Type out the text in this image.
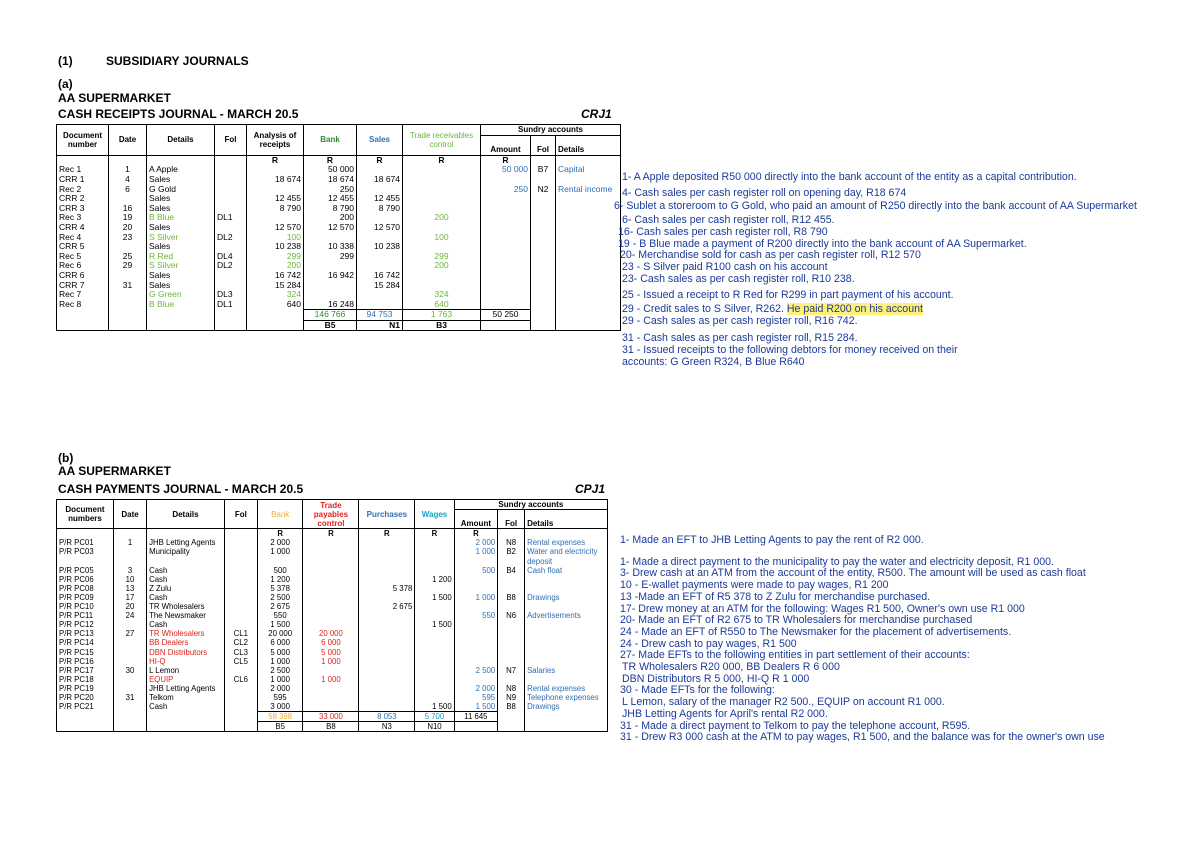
(1)	SUBSIDIARY JOURNALS
(a)
AA SUPERMARKET
CASH RECEIPTS JOURNAL - MARCH 20.5	CRJ1
Document number	Date	Details	Fol	Analysis of receipts	Bank	Sales	Trade receivables control	Sundry accounts		

								Amount	Fol	Details
				R	R	R	R	R		
Rec 1	1	A Apple			50 000			50 000	B7	Capital
CRR 1	4	Sales		18 674	18 674	18 674				
Rec 2	6	G Gold			250			250	N2	Rental income
CRR 2		Sales		12 455	12 455	12 455				
CRR 3	16	Sales		8 790	8 790	8 790				
Rec 3	19	B Blue	DL1		200		200			
CRR 4	20	Sales		12 570	12 570	12 570				
Rec 4	23	S Silver	DL2	100			100			
CRR 5		Sales		10 238	10 338	10 238				
Rec 5	25	R Red	DL4	299	299		299			
Rec 6	29	S Silver	DL2	200			200			
CRR 6		Sales		16 742	16 942	16 742				
CRR 7	31	Sales		15 284		15 284				
Rec 7		G Green	DL3	324			324			
Rec 8		B Blue	DL1	640	16 248		640			
					146 766	94 753	1 763	50 250		
					B5	N1	B3			
1- A Apple deposited R50 000 directly into the bank account of the entity as a capital contribution.
4- Cash sales per cash register roll on opening day, R18 674
6- Sublet a storeroom to G Gold, who paid an amount of R250 directly into the bank account of AA Supermarket
6- Cash sales per cash register roll, R12 455.
16- Cash sales per cash register roll, R8 790
19 - B Blue made a payment of R200 directly into the bank account of AA Supermarket.
20- Merchandise sold for cash as per cash register roll, R12 570
23 - S Silver paid R100 cash on his account
23- Cash sales as per cash register roll, R10 238.
25 - Issued a receipt to R Red for R299 in part payment of his account.
29 - Credit sales to S Silver, R262. He paid R200 on his account
29 - Cash sales as per cash register roll, R16 742.
31 - Cash sales as per cash register roll, R15 284.
31 - Issued receipts to the following debtors for money received on their
accounts: G Green R324, B Blue R640
(b)
AA SUPERMARKET
CASH PAYMENTS JOURNAL - MARCH 20.5	CPJ1
Document numbers	Date	Details	Fol	Bank	Trade payables control	Purchases	Wages	Sundry accounts		

								Amount	Fol	Details
				R	R	R	R	R		
P/R PC01	1	JHB Letting Agents		2 000				2 000	N8	Rental expenses
P/R PC03		Municipality		1 000				1 000	B2	Water and electricity
										deposit
P/R PC05	3	Cash		500				500	B4	Cash float
P/R PC06	10	Cash		1 200			1 200			
P/R PC08	13	Z Zulu		5 378		5 378				
P/R PC09	17	Cash		2 500			1 500	1 000	B8	Drawings
P/R PC10	20	TR Wholesalers		2 675		2 675				
P/R PC11	24	The Newsmaker		550				550	N6	Advertisements
P/R PC12		Cash		1 500			1 500			
P/R PC13	27	TR Wholesalers	CL1	20 000	20 000					
P/R PC14		BB Dealers	CL2	6 000	6 000					
P/R PC15		DBN Distributors	CL3	5 000	5 000					
P/R PC16		HI-Q	CL5	1 000	1 000					
P/R PC17	30	L Lemon		2 500				2 500	N7	Salaries
P/R PC18		EQUIP	CL6	1 000	1 000					
P/R PC19		JHB Letting Agents		2 000				2 000	N8	Rental expenses
P/R PC20	31	Telkom		595				595	N9	Telephone expenses
P/R PC21		Cash		3 000			1 500	1 500	B8	Drawings
				58 398	33 000	8 053	5 700	11 645		
				B5	B8	N3	N10			
1- Made an EFT to JHB Letting Agents to pay the rent of R2 000.
1- Made a direct payment to the municipality to pay the water and electricity deposit, R1 000.
3- Drew cash at an ATM from the account of the entity, R500. The amount will be used as cash float
10 - E-wallet payments were made to pay wages, R1 200
13 -Made an EFT of R5 378 to Z Zulu for merchandise purchased.
17- Drew money at an ATM for the following: Wages R1 500, Owner's own use R1 000
20- Made an EFT of R2 675 to TR Wholesalers for merchandise purchased
24 - Made an EFT of R550 to The Newsmaker for the placement of advertisements.
24 - Drew cash to pay wages, R1 500
27- Made EFTs to the following entities in part settlement of their accounts:
TR Wholesalers R20 000, BB Dealers R 6 000
DBN Distributors R 5 000, HI-Q R 1 000
30 - Made EFTs for the following:
L Lemon, salary of the manager R2 500., EQUIP on account R1 000.
JHB Letting Agents for April's rental R2 000.
31 - Made a direct payment to Telkom to pay the telephone account, R595.
31 - Drew R3 000 cash at the ATM to pay wages, R1 500, and the balance was for the owner's own use
